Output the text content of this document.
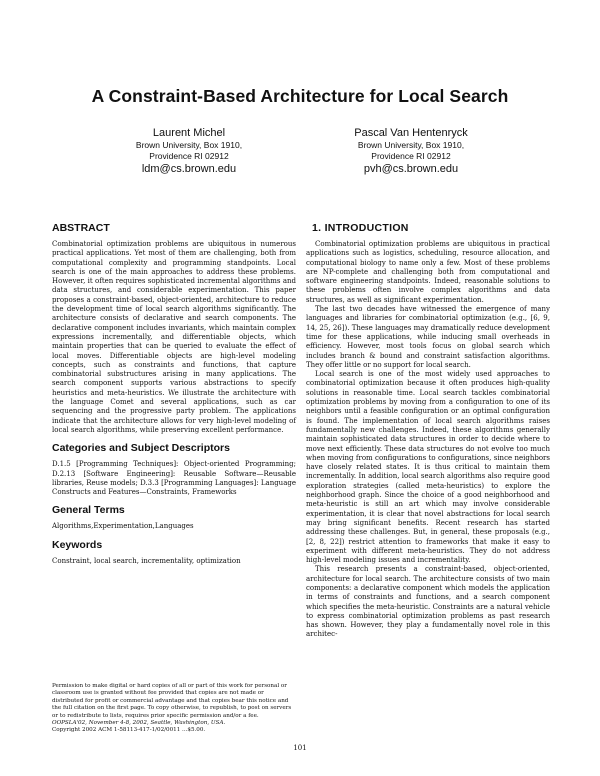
A Constraint-Based Architecture for Local Search
Laurent Michel
Brown University, Box 1910,
Providence RI 02912
ldm@cs.brown.edu
Pascal Van Hentenryck
Brown University, Box 1910,
Providence RI 02912
pvh@cs.brown.edu
ABSTRACT

Combinatorial optimization problems are ubiquitous in numerous practical applications. Yet most of them are challenging, both from computational complexity and programming standpoints. Local search is one of the main approaches to address these problems. However, it often requires sophisticated incremental algorithms and data structures, and considerable experimentation. This paper proposes a constraint-based, object-oriented, architecture to reduce the development time of local search algorithms significantly. The architecture consists of declarative and search components. The declarative component includes invariants, which maintain complex expressions incrementally, and differentiable objects, which maintain properties that can be queried to evaluate the effect of local moves. Differentiable objects are high-level modeling concepts, such as constraints and functions, that capture combinatorial substructures arising in many applications. The search component supports various abstractions to specify heuristics and meta-heuristics. We illustrate the architecture with the language Comet and several applications, such as car sequencing and the progressive party problem. The applications indicate that the architecture allows for very high-level modeling of local search algorithms, while preserving excellent performance.

Categories and Subject Descriptors

D.1.5 [Programming Techniques]: Object-oriented Programming; D.2.13 [Software Engineering]: Reusable Software—Reusable libraries, Reuse models; D.3.3 [Programming Languages]: Language Constructs and Features—Constraints, Frameworks

General Terms

Algorithms,Experimentation,Languages

Keywords

Constraint, local search, incrementality, optimization

Permission to make digital or hard copies of all or part of this work for personal or classroom use is granted without fee provided that copies are not made or distributed for profit or commercial advantage and that copies bear this notice and the full citation on the first page. To copy otherwise, to republish, to post on servers or to redistribute to lists, requires prior specific permission and/or a fee.

OOPSLA'02, November 4-8, 2002, Seattle, Washington, USA.

Copyright 2002 ACM 1-58113-417-1/02/0011 ...$5.00.

1. INTRODUCTION

Combinatorial optimization problems are ubiquitous in practical applications such as logistics, scheduling, resource allocation, and computational biology to name only a few. Most of these problems are NP-complete and challenging both from computational and software engineering standpoints. Indeed, reasonable solutions to these problems often involve complex algorithms and data structures, as well as significant experimentation.

The last two decades have witnessed the emergence of many languages and libraries for combinatorial optimization (e.g., [6, 9, 14, 25, 26]). These languages may dramatically reduce development time for these applications, while inducing small overheads in efficiency. However, most tools focus on global search which includes branch & bound and constraint satisfaction algorithms. They offer little or no support for local search.

Local search is one of the most widely used approaches to combinatorial optimization because it often produces high-quality solutions in reasonable time. Local search tackles combinatorial optimization problems by moving from a configuration to one of its neighbors until a feasible configuration or an optimal configuration is found. The implementation of local search algorithms raises fundamentally new challenges. Indeed, these algorithms generally maintain sophisticated data structures in order to decide where to move next efficiently. These data structures do not evolve too much when moving from configurations to configurations, since neighbors have closely related states. It is thus critical to maintain them incrementally. In addition, local search algorithms also require good exploration strategies (called meta-heuristics) to explore the neighborhood graph. Since the choice of a good neighborhood and meta-heuristic is still an art which may involve considerable experimentation, it is clear that novel abstractions for local search may bring significant benefits. Recent research has started addressing these challenges. But, in general, these proposals (e.g., [2, 8, 22]) restrict attention to frameworks that make it easy to experiment with different meta-heuristics. They do not address high-level modeling issues and incrementality.

This research presents a constraint-based, object-oriented, architecture for local search. The architecture consists of two main components: a declarative component which models the application in terms of constraints and functions, and a search component which specifies the meta-heuristic. Constraints are a natural vehicle to express combinatorial optimization problems as past research has shown. However, they play a fundamentally novel role in this architec-

101
